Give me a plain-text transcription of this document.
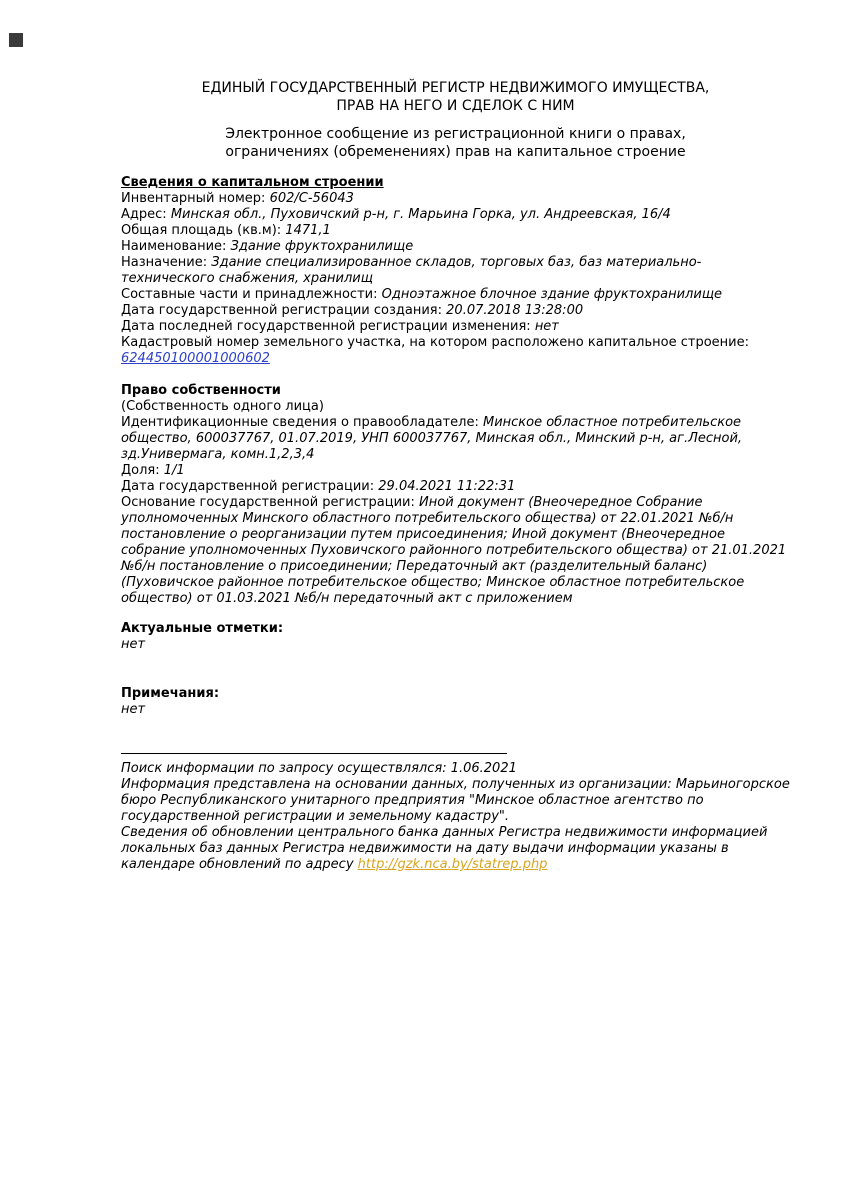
ЕДИНЫЙ ГОСУДАРСТВЕННЫЙ РЕГИСТР НЕДВИЖИМОГО ИМУЩЕСТВА,
ПРАВ НА НЕГО И СДЕЛОК С НИМ
Электронное сообщение из регистрационной книги о правах,
ограничениях (обременениях) прав на капитальное строение
Сведения о капитальном строении
Инвентарный номер: 602/С-56043
Адрес: Минская обл., Пуховичский р-н, г. Марьина Горка, ул. Андреевская, 16/4
Общая площадь (кв.м): 1471,1
Наименование: Здание фруктохранилище
Назначение: Здание специализированное складов, торговых баз, баз материально-технического снабжения, хранилищ
Составные части и принадлежности: Одноэтажное блочное здание фруктохранилище
Дата государственной регистрации создания: 20.07.2018 13:28:00
Дата последней государственной регистрации изменения: нет
Кадастровый номер земельного участка, на котором расположено капитальное строение: 624450100001000602
Право собственности
(Собственность одного лица)
Идентификационные сведения о правообладателе: Минское областное потребительское общество, 600037767, 01.07.2019, УНП 600037767, Минская обл., Минский р-н, аг.Лесной, зд.Универмага, комн.1,2,3,4
Доля: 1/1
Дата государственной регистрации: 29.04.2021 11:22:31
Основание государственной регистрации: Иной документ (Внеочередное Собрание уполномоченных Минского областного потребительского общества) от 22.01.2021 №б/н постановление о реорганизации путем присоединения; Иной документ (Внеочередное собрание уполномоченных Пуховичского районного потребительского общества) от 21.01.2021 №б/н постановление о присоединении; Передаточный акт (разделительный баланс) (Пуховичское районное потребительское общество; Минское областное потребительское общество) от 01.03.2021 №б/н передаточный акт с приложением
Актуальные отметки:
нет
Примечания:
нет
Поиск информации по запросу осуществлялся: 1.06.2021
Информация представлена на основании данных, полученных из организации: Марьиногорское бюро Республиканского унитарного предприятия "Минское областное агентство по государственной регистрации и земельному кадастру".
Сведения об обновлении центрального банка данных Регистра недвижимости информацией локальных баз данных Регистра недвижимости на дату выдачи информации указаны в календаре обновлений по адресу http://gzk.nca.by/statrep.php
